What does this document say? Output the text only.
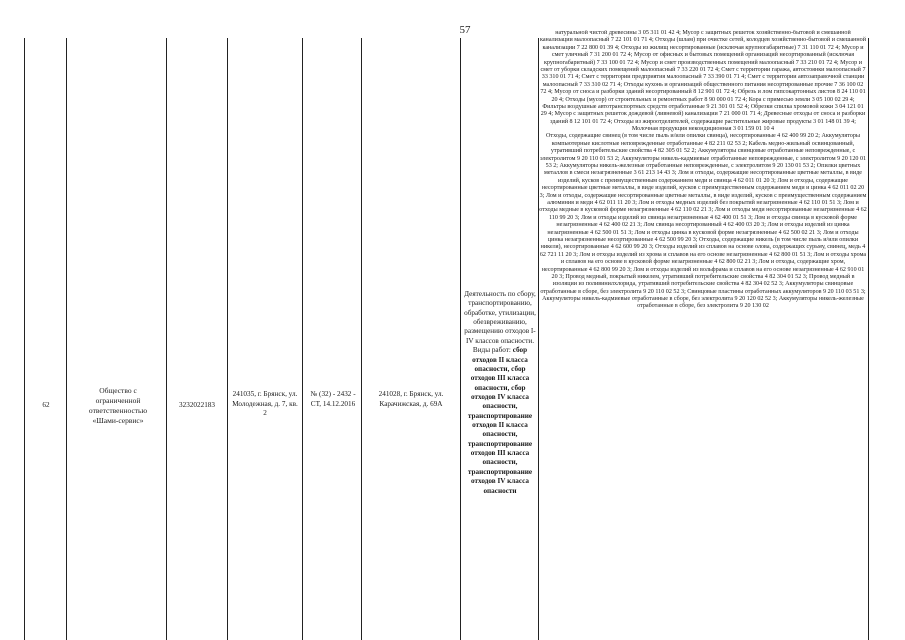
57
62
Общество с ограниченной ответственностью «Шами-сервис»
3232022183
241035, г. Брянск, ул. Молодежная, д. 7, кв. 2
№ (32) - 2432 - СТ, 14.12.2016
241028, г. Брянск, ул. Карачижская, д. 69А
Деятельность по сбору, транспортированию, обработке, утилизации, обезвреживанию, размещению отходов I-IV классов опасности. Виды работ: сбор отходов II класса опасности, сбор отходов III класса опасности, сбор отходов IV класса опасности, транспортирование отходов II класса опасности, транспортирование отходов III класса опасности, транспортирование отходов IV класса опасности

натуральной чистой древесины 3 05 311 01 42 4; Мусор с защитных решеток хозяйственно-бытовой и смешанной канализации малоопасный 7 22 101 01 71 4; Отходы (шлам) при очистке сетей, колодцев хозяйственно-бытовой и смешанной канализации 7 22 800 01 39 4; Отходы из жилищ несортированные (исключая крупногабаритные) 7 31 110 01 72 4; Мусор и смет уличный 7 31 200 01 72 4; Мусор от офисных и бытовых помещений организаций несортированный (исключая крупногабаритный) 7 33 100 01 72 4; Мусор и смет производственных помещений малоопасный 7 33 210 01 72 4; Мусор и смет от уборки складских помещений малоопасный 7 33 220 01 72 4; Смет с территории гаража, автостоянки малоопасный 7 33 310 01 71 4; Смет с территории предприятия малоопасный 7 33 390 01 71 4; Смет с территории автозаправочной станции малоопасный 7 33 310 02 71 4; Отходы кухонь и организаций общественного питания несортированные прочие 7 36 100 02 72 4; Мусор от сноса и разборки зданий несортированный 8 12 901 01 72 4; Обрезь и лом гипсокартонных листов 8 24 110 01 20 4; Отходы (мусор) от строительных и ремонтных работ 8 90 000 01 72 4; Кора с примесью земли 3 05 100 02 29 4; Фильтры воздушные автотранспортных средств отработанные 9 21 301 01 52 4; Обрезки спилка хромовой кожи 3 04 121 01 29 4; Мусор с защитных решеток дождевой (ливневой) канализации 7 21 000 01 71 4; Древесные отходы от сноса и разборки зданий 8 12 101 01 72 4; Отходы из жироотделителей, содержащие растительные жировые продукты 3 01 148 01 39 4; Молочная продукция некондиционная 3 01 159 01 10 4

Отходы, содержащие свинец (в том числе пыль и/или опилки свинца), несортированные 4 62 400 99 20 2; Аккумуляторы компьютерные кислотные неповрежденные отработанные 4 82 211 02 53 2; Кабель медно-жильный освинцованный, утративший потребительские свойства 4 82 305 01 52 2; Аккумуляторы свинцовые отработанные неповрежденные, с электролитом 9 20 110 01 53 2; Аккумуляторы никель-кадмиевые отработанные неповрежденные, с электролитом 9 20 120 01 53 2; Аккумуляторы никель-железные отработанные неповрежденные, с электролитом 9 20 130 01 53 2; Опилки цветных металлов в смеси незагрязненные 3 61 213 14 43 3; Лом и отходы, содержащие несортированные цветные металлы, в виде изделий, кусков с преимущественным содержанием меди и свинца 4 62 011 01 20 3; Лом и отходы, содержащие несортированные цветные металлы, в виде изделий, кусков с преимущественным содержанием меди и цинка 4 62 011 02 20 3; Лом и отходы, содержащие несортированные цветные металлы, в виде изделий, кусков с преимущественным содержанием алюминия и меди 4 62 011 11 20 3; Лом и отходы медных изделий без покрытий незагрязненные 4 62 110 01 51 3; Лом и отходы медные в кусковой форме незагрязненные 4 62 110 02 21 3; Лом и отходы меди несортированные незагрязненные 4 62 110 99 20 3; Лом и отходы изделий из свинца незагрязненные 4 62 400 01 51 3; Лом и отходы свинца в кусковой форме незагрязненные 4 62 400 02 21 3; Лом свинца несортированный 4 62 400 03 20 3; Лом и отходы изделий из цинка незагрязненные 4 62 500 01 51 3; Лом и отходы цинка в кусковой форме незагрязненные 4 62 500 02 21 3; Лом и отходы цинка незагрязненные несортированные 4 62 500 99 20 3; Отходы, содержащие никель (в том числе пыль и/или опилки никеля), несортированные 4 62 600 99 20 3; Отходы изделий из сплавов на основе олова, содержащих сурьму, свинец, медь 4 62 721 11 20 3; Лом и отходы изделий из хрома и сплавов на его основе незагрязненные 4 62 800 01 51 3; Лом и отходы хрома и сплавов на его основе в кусковой форме незагрязненные 4 62 800 02 21 3; Лом и отходы, содержащие хром, несортированные 4 62 800 99 20 3; Лом и отходы изделий из вольфрама и сплавов на его основе незагрязненные 4 62 910 01 20 3; Провод медный, покрытый никелем, утративший потребительские свойства 4 82 304 01 52 3; Провод медный в изоляции из поливинилхлорида, утративший потребительские свойства 4 82 304 02 52 3; Аккумуляторы свинцовые отработанные в сборе, без электролита 9 20 110 02 52 3; Свинцовые пластины отработанных аккумуляторов 9 20 110 03 51 3; Аккумуляторы никель-кадмиевые отработанные в сборе, без электролита 9 20 120 02 52 3; Аккумуляторы никель-железные отработанные в сборе, без электролита 9 20 130 02
